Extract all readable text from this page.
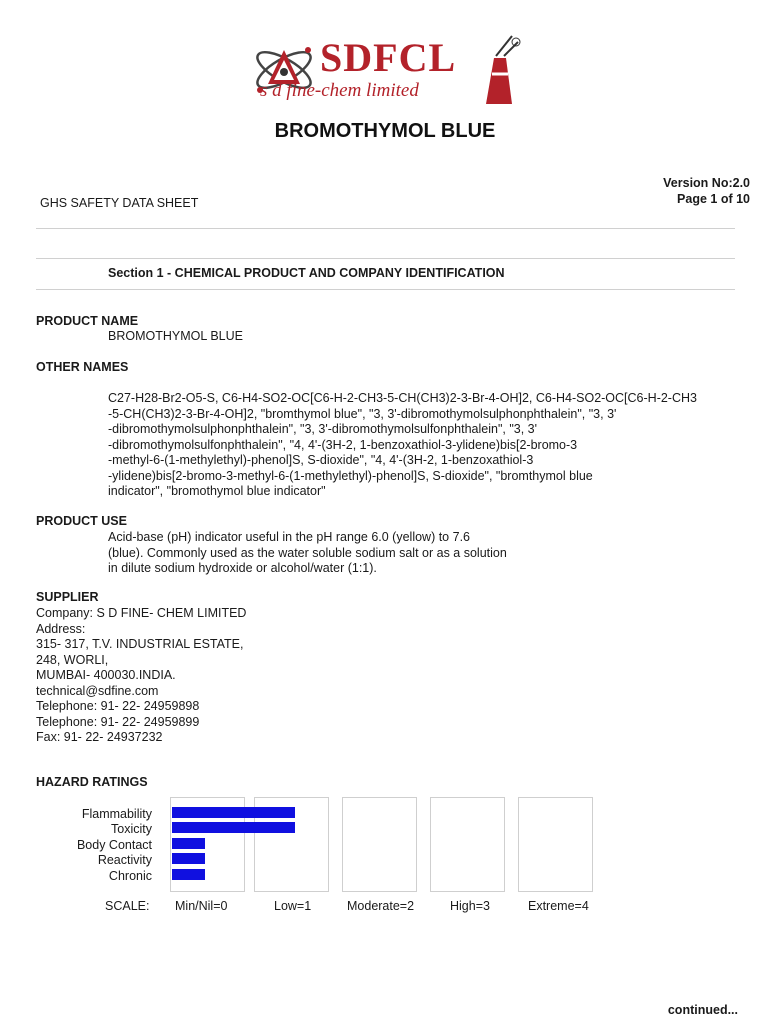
SDFCL
s d fine-chem limited
BROMOTHYMOL BLUE
GHS SAFETY DATA SHEET
Version No:2.0
Page 1 of 10
Section 1 - CHEMICAL PRODUCT AND COMPANY IDENTIFICATION
PRODUCT NAME
BROMOTHYMOL BLUE
OTHER NAMES
C27-H28-Br2-O5-S, C6-H4-SO2-OC[C6-H-2-CH3-5-CH(CH3)2-3-Br-4-OH]2, C6-H4-SO2-OC[C6-H-2-CH3
-5-CH(CH3)2-3-Br-4-OH]2, "bromthymol blue", "3, 3'-dibromothymolsulphonphthalein", "3, 3'
-dibromothymolsulphonphthalein", "3, 3'-dibromothymolsulfonphthalein", "3, 3'
-dibromothymolsulfonphthalein", "4, 4'-(3H-2, 1-benzoxathiol-3-ylidene)bis[2-bromo-3
-methyl-6-(1-methylethyl)-phenol]S, S-dioxide", "4, 4'-(3H-2, 1-benzoxathiol-3
-ylidene)bis[2-bromo-3-methyl-6-(1-methylethyl)-phenol]S, S-dioxide", "bromthymol blue
indicator", "bromothymol blue indicator"
PRODUCT USE
Acid-base (pH) indicator useful in the pH range 6.0 (yellow) to 7.6
(blue). Commonly used as the water soluble sodium salt or as a solution
in dilute sodium hydroxide or alcohol/water (1:1).
SUPPLIER
Company: S D FINE- CHEM LIMITED
Address:
315- 317, T.V. INDUSTRIAL ESTATE,
248, WORLI,
MUMBAI- 400030.INDIA.
technical@sdfine.com
Telephone: 91- 22- 24959898
Telephone: 91- 22- 24959899
Fax: 91- 22- 24937232
HAZARD RATINGS
Flammability
Toxicity
Body Contact
Reactivity
Chronic
SCALE: Min/Nil=0	Low=1	Moderate=2	High=3	Extreme=4
continued...
